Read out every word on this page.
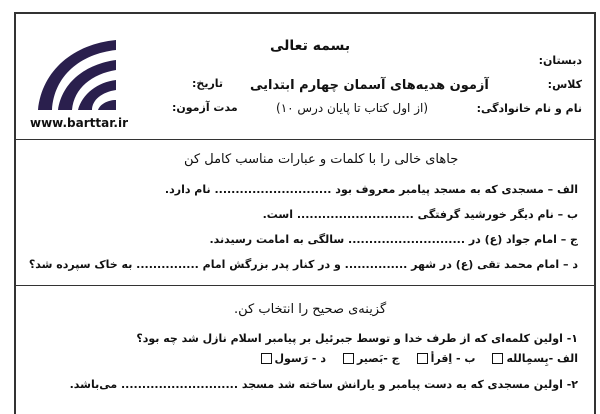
www.barttar.ir
بسمه تعالی
دبستان:
کلاس:
آزمون هدیه‌های آسمان چهارم ابتدایی
تاریخ:
نام و نام خانوادگی:
(از اول کتاب تا پایان درس ۱۰)
مدت آزمون:
جاهای خالی را با کلمات و عبارات مناسب کامل کن
الف – مسجدی که به مسجد پیامبر معروف بود ............................ نام دارد.
ب – نام دیگر خورشید گرفتگی ............................ است.
ج – امام جواد (ع) در ............................ سالگی به امامت رسیدند.
د – امام محمد تقی (ع) در شهر ............... و در کنار پدر بزرگش امام ............... به خاک سپرده شد؟
گزینه‌ی صحیح را انتخاب کن.
۱- اولین کلمه‌ای که از طرف خدا و توسط جبرئیل بر پیامبر اسلام نازل شد چه بود؟
الف -بِسمِالله
ب - اِقرأ
ج -بَصیر
د - رَسول
۲- اولین مسجدی که به دست پیامبر و یارانش ساخته شد مسجد ............................ می‌باشد.
